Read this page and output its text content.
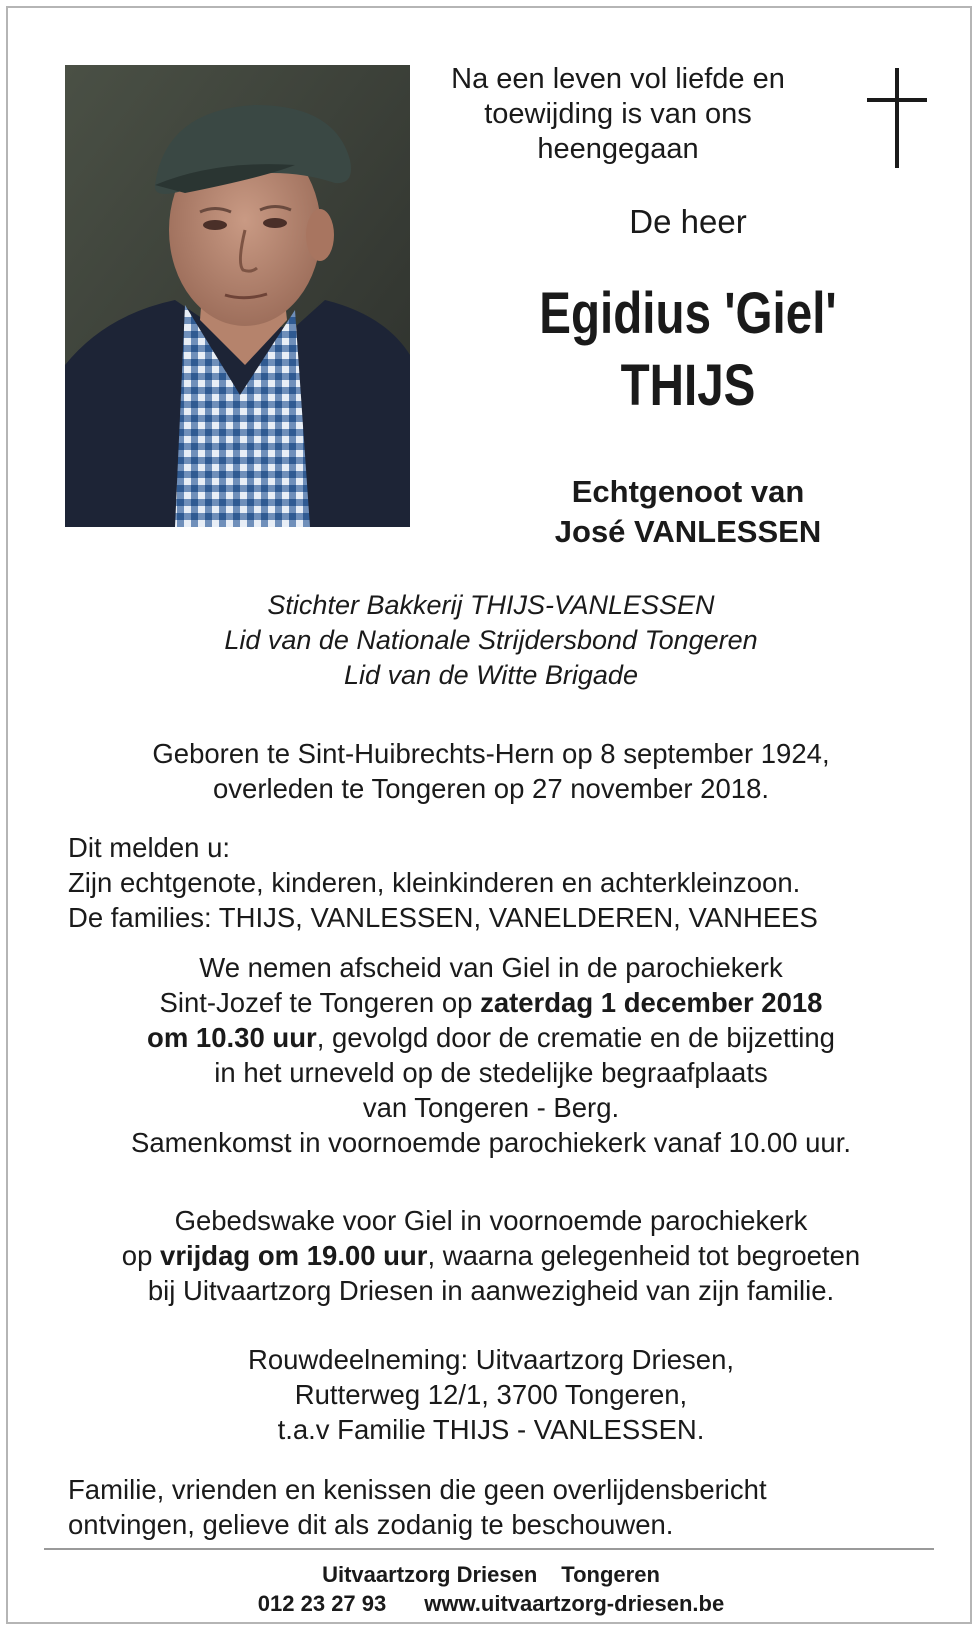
Na een leven vol liefde en
toewijding is van ons
heengegaan
De heer
Egidius 'Giel'
THIJS
Echtgenoot van
José VANLESSEN
Stichter Bakkerij THIJS-VANLESSEN
Lid van de Nationale Strijdersbond Tongeren
Lid van de Witte Brigade
Geboren te Sint-Huibrechts-Hern op 8 september 1924,
overleden te Tongeren op 27 november 2018.
Dit melden u:
Zijn echtgenote, kinderen, kleinkinderen en achterkleinzoon.
De families: THIJS, VANLESSEN, VANELDEREN, VANHEES
We nemen afscheid van Giel in de parochiekerk
Sint-Jozef te Tongeren op zaterdag 1 december 2018
om 10.30 uur, gevolgd door de crematie en de bijzetting
in het urneveld op de stedelijke begraafplaats
van Tongeren - Berg.
Samenkomst in voornoemde parochiekerk vanaf 10.00 uur.
Gebedswake voor Giel in voornoemde parochiekerk
op vrijdag om 19.00 uur, waarna gelegenheid tot begroeten
bij Uitvaartzorg Driesen in aanwezigheid van zijn familie.
Rouwdeelneming: Uitvaartzorg Driesen,
Rutterweg 12/1, 3700 Tongeren,
t.a.v Familie THIJS - VANLESSEN.
Familie, vrienden en kenissen die geen overlijdensbericht
ontvingen, gelieve dit als zodanig te beschouwen.
Uitvaartzorg Driesen Tongeren
012 23 27 93 www.uitvaartzorg-driesen.be
